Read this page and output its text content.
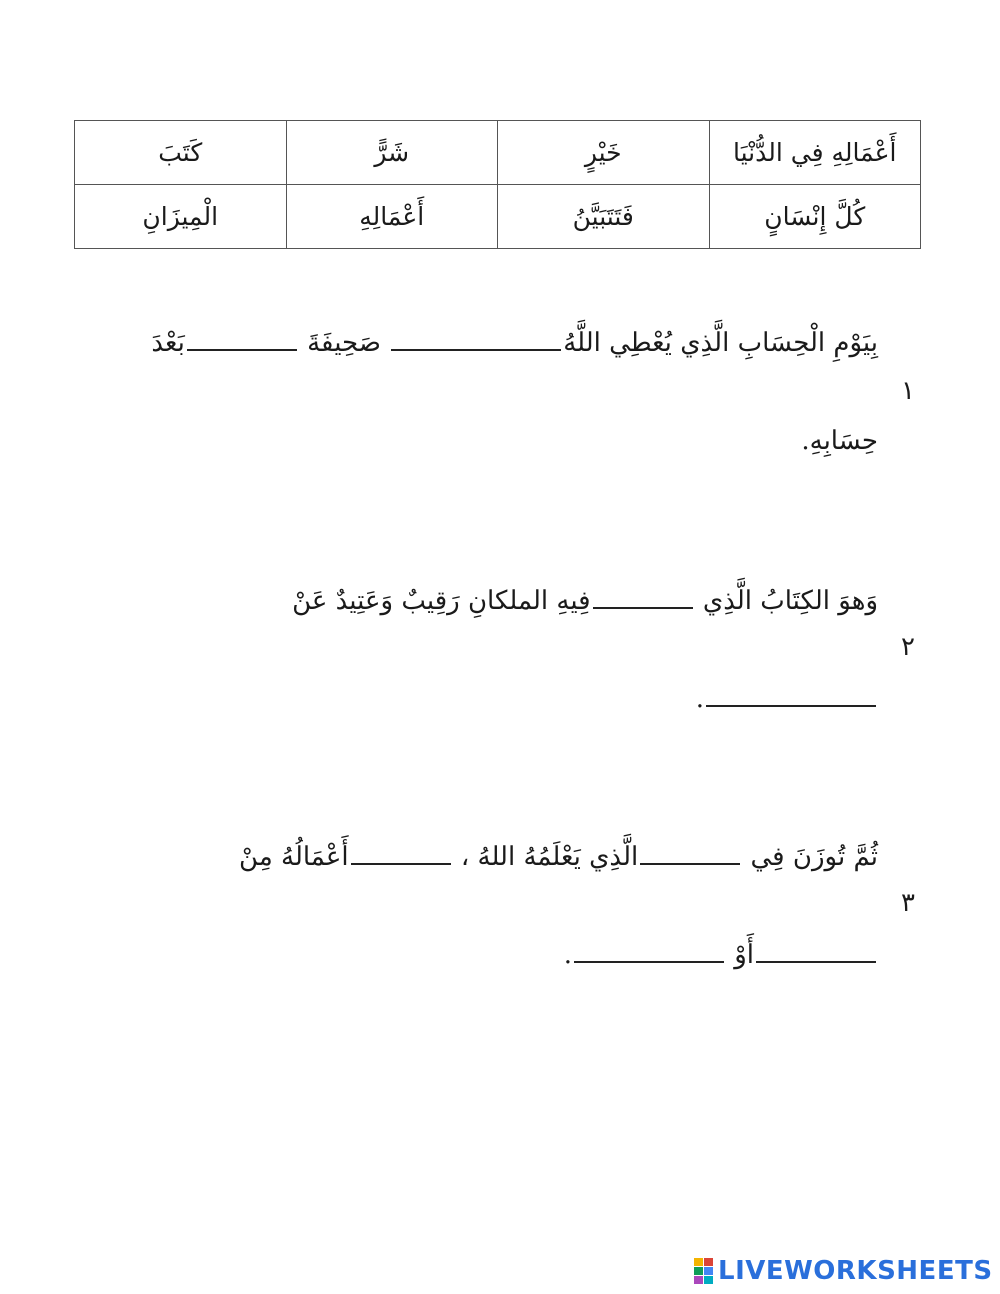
أَعْمَالِهِ فِي الدُّنْيَا	خَيْرٍ	شَرًّ	كَتَبَ
كُلَّ إِنْسَانٍ	فَتَتَبَيَّنُ	أَعْمَالِهِ	الْمِيزَانِ
بِيَوْمِ الْحِسَابِ الَّذِي يُعْطِي اللَّهُ صَحِيفَةَ بَعْدَ
١
حِسَابِهِ.
وَهوَ الكِتَابُ الَّذِي فِيهِ الملكانِ رَقِيبٌ وَعَتِيدٌ عَنْ
٢
.
ثُمَّ تُوزَنَ فِي الَّذِي يَعْلَمُهُ اللهُ ، أَعْمَالُهُ مِنْ
٣
أَوْ .
LIVEWORKSHEETS
